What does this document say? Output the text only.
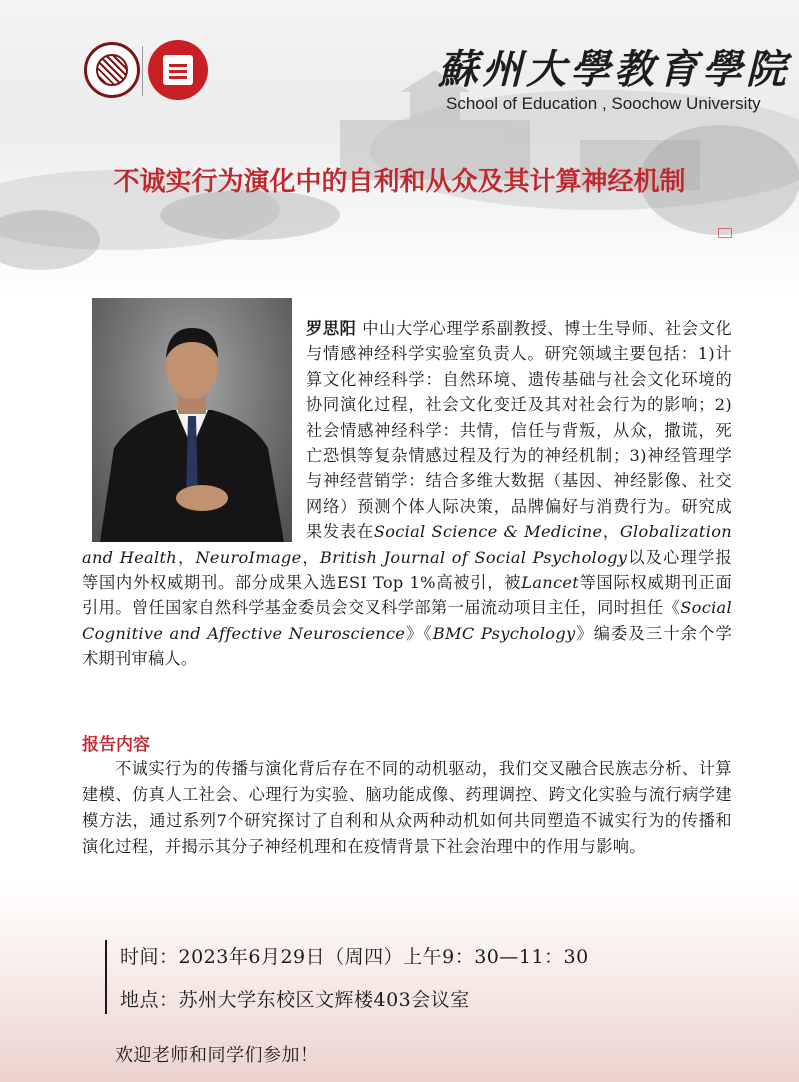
蘇州大學教育學院
School of Education , Soochow University
不诚实行为演化中的自利和从众及其计算神经机制
罗思阳 中山大学心理学系副教授、博士生导师、社会文化与情感神经科学实验室负责人。研究领域主要包括：1)计算文化神经科学：自然环境、遗传基础与社会文化环境的协同演化过程，社会文化变迁及其对社会行为的影响；2)社会情感神经科学：共情，信任与背叛，从众，撒谎，死亡恐惧等复杂情感过程及行为的神经机制；3)神经管理学与神经营销学：结合多维大数据（基因、神经影像、社交网络）预测个体人际决策，品牌偏好与消费行为。研究成果发表在Social Science & Medicine，Globalization and Health，NeuroImage，British Journal of Social Psychology以及心理学报等国内外权威期刊。部分成果入选ESI Top 1%高被引，被Lancet等国际权威期刊正面引用。曾任国家自然科学基金委员会交叉科学部第一届流动项目主任，同时担任《Social Cognitive and Affective Neuroscience》《BMC Psychology》编委及三十余个学术期刊审稿人。
报告内容
不诚实行为的传播与演化背后存在不同的动机驱动，我们交叉融合民族志分析、计算建模、仿真人工社会、心理行为实验、脑功能成像、药理调控、跨文化实验与流行病学建模方法，通过系列7个研究探讨了自利和从众两种动机如何共同塑造不诚实行为的传播和演化过程，并揭示其分子神经机理和在疫情背景下社会治理中的作用与影响。
时间：2023年6月29日（周四）上午9：30—11：30
地点：苏州大学东校区文辉楼403会议室
欢迎老师和同学们参加！
